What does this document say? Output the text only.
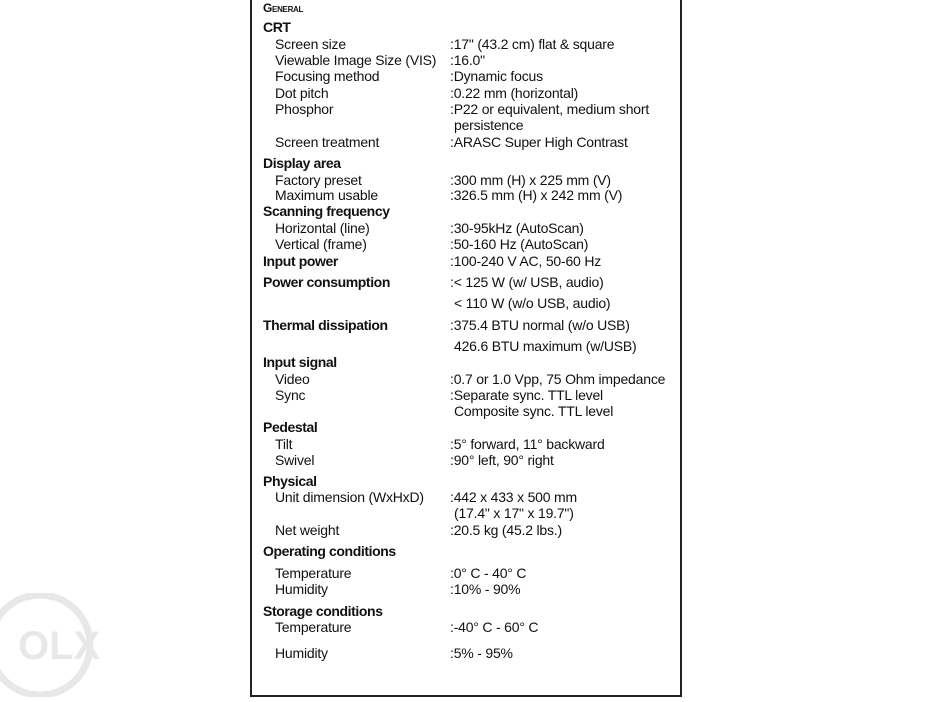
OLX
General
CRT
Screen size	:17" (43.2 cm) flat & square
Viewable Image Size (VIS) :16.0"
Focusing method	:Dynamic focus
Dot pitch	:0.22 mm (horizontal)
Phosphor	:P22 or equivalent, medium short
persistence
Screen treatment	:ARASC Super High Contrast
Display area
Factory preset	:300 mm (H) x 225 mm (V)
Maximum usable	:326.5 mm (H) x 242 mm (V)
Scanning frequency
Horizontal (line)	:30-95kHz (AutoScan)
Vertical (frame)	:50-160 Hz (AutoScan)
Input power	:100-240 V AC, 50-60 Hz
Power consumption	:< 125 W (w/ USB, audio)
< 110 W (w/o USB, audio)
Thermal dissipation	:375.4 BTU normal (w/o USB)
426.6 BTU maximum (w/USB)
Input signal
Video	:0.7 or 1.0 Vpp, 75 Ohm impedance
Sync	:Separate sync. TTL level
Composite sync. TTL level
Pedestal
Tilt	:5° forward, 11° backward
Swivel	:90° left, 90° right
Physical
Unit dimension (WxHxD) :442 x 433 x 500 mm
(17.4" x 17" x 19.7")
Net weight	:20.5 kg (45.2 lbs.)
Operating conditions
Temperature	:0° C - 40° C
Humidity	:10% - 90%
Storage conditions
Temperature	:-40° C - 60° C
Humidity	:5% - 95%
